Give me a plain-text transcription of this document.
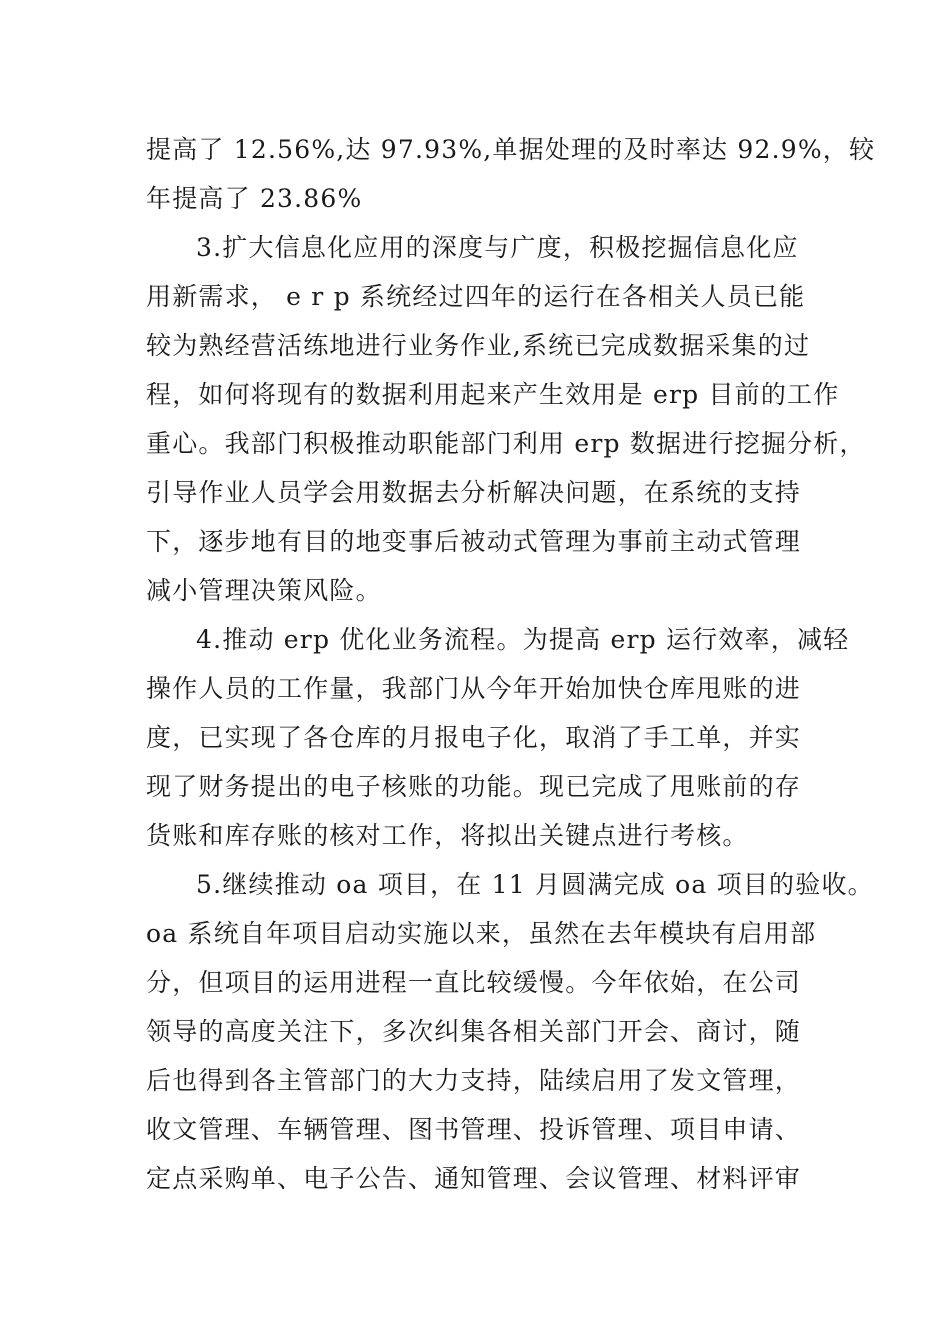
提高了 12.56%,达 97.93%,单据处理的及时率达 92.9%，较
年提高了 23.86%
3.扩大信息化应用的深度与广度，积极挖掘信息化应
用新需求， e r p 系统经过四年的运行在各相关人员已能
较为熟经营活练地进行业务作业,系统已完成数据采集的过
程，如何将现有的数据利用起来产生效用是 erp 目前的工作
重心。我部门积极推动职能部门利用 erp 数据进行挖掘分析，
引导作业人员学会用数据去分析解决问题，在系统的支持
下，逐步地有目的地变事后被动式管理为事前主动式管理
减小管理决策风险。
4.推动 erp 优化业务流程。为提高 erp 运行效率，减轻
操作人员的工作量，我部门从今年开始加快仓库甩账的进
度，已实现了各仓库的月报电子化，取消了手工单，并实
现了财务提出的电子核账的功能。现已完成了甩账前的存
货账和库存账的核对工作，将拟出关键点进行考核。
5.继续推动 oa 项目，在 11 月圆满完成 oa 项目的验收。
oa 系统自年项目启动实施以来，虽然在去年模块有启用部
分，但项目的运用进程一直比较缓慢。今年依始，在公司
领导的高度关注下，多次纠集各相关部门开会、商讨，随
后也得到各主管部门的大力支持，陆续启用了发文管理，
收文管理、车辆管理、图书管理、投诉管理、项目申请、
定点采购单、电子公告、通知管理、会议管理、材料评审
